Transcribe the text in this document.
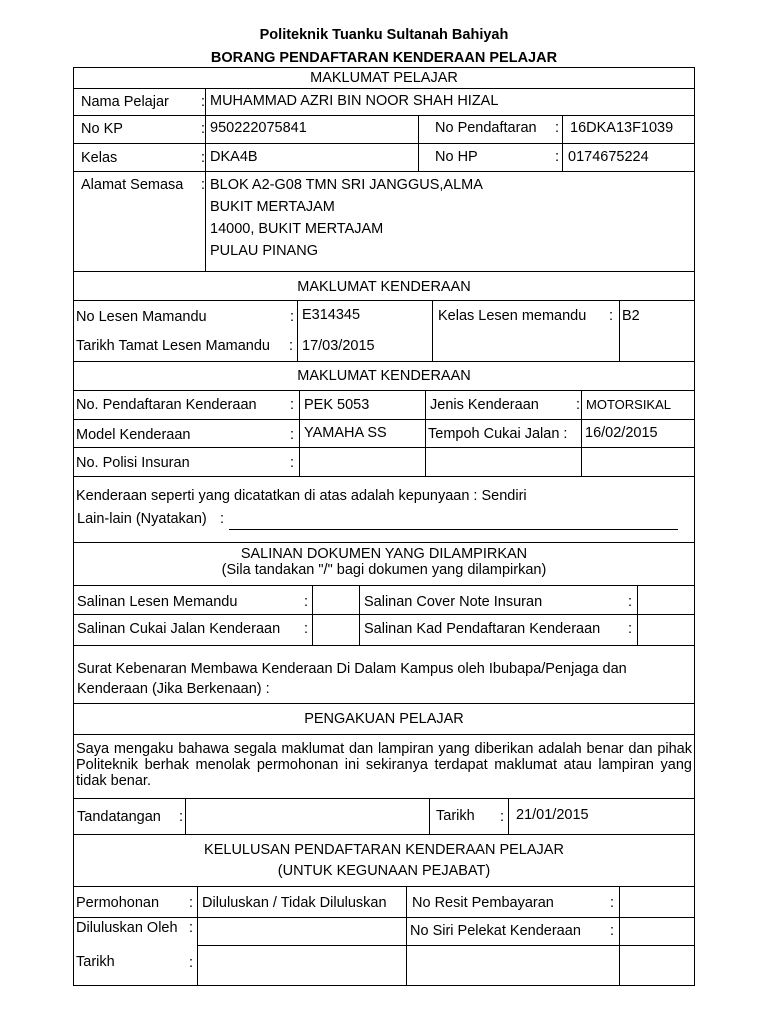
Politeknik Tuanku Sultanah Bahiyah
BORANG PENDAFTARAN KENDERAAN PELAJAR
MAKLUMAT PELAJAR
Nama Pelajar : MUHAMMAD AZRI BIN NOOR SHAH HIZAL
No KP	: 950222075841	No Pendaftaran : 16DKA13F1039
Kelas	: DKA4B	No HP	: 0174675224
Alamat Semasa : BLOK A2-G08 TMN SRI JANGGUS,ALMA
BUKIT MERTAJAM
14000, BUKIT MERTAJAM
PULAU PINANG
MAKLUMAT KENDERAAN
No Lesen Mamandu	: E314345	Kelas Lesen memandu : B2
Tarikh Tamat Lesen Mamandu : 17/03/2015
MAKLUMAT KENDERAAN
No. Pendaftaran Kenderaan : PEK 5053	Jenis Kenderaan	: MOTORSIKAL
Model Kenderaan	: YAMAHA SS	Tempoh Cukai Jalan : 16/02/2015
No. Polisi Insuran	:
Kenderaan seperti yang dicatatkan di atas adalah kepunyaan : Sendiri
Lain-lain (Nyatakan) :
SALINAN DOKUMEN YANG DILAMPIRKAN
(Sila tandakan "/" bagi dokumen yang dilampirkan)
Salinan Lesen Memandu	:	Salinan Cover Note Insuran	:
Salinan Cukai Jalan Kenderaan :	Salinan Kad Pendaftaran Kenderaan :
Surat Kebenaran Membawa Kenderaan Di Dalam Kampus oleh Ibubapa/Penjaga dan Kenderaan (Jika Berkenaan) :
PENGAKUAN PELAJAR
Saya mengaku bahawa segala maklumat dan lampiran yang diberikan adalah benar dan pihak Politeknik berhak menolak permohonan ini sekiranya terdapat maklumat atau lampiran yang tidak benar.
Tandatangan :	Tarikh : 21/01/2015
KELULUSAN PENDAFTARAN KENDERAAN PELAJAR
(UNTUK KEGUNAAN PEJABAT)
Permohonan : Diluluskan / Tidak Diluluskan No Resit Pembayaran	:
Diluluskan Oleh :	No Siri Pelekat Kenderaan :
Tarikh	:
